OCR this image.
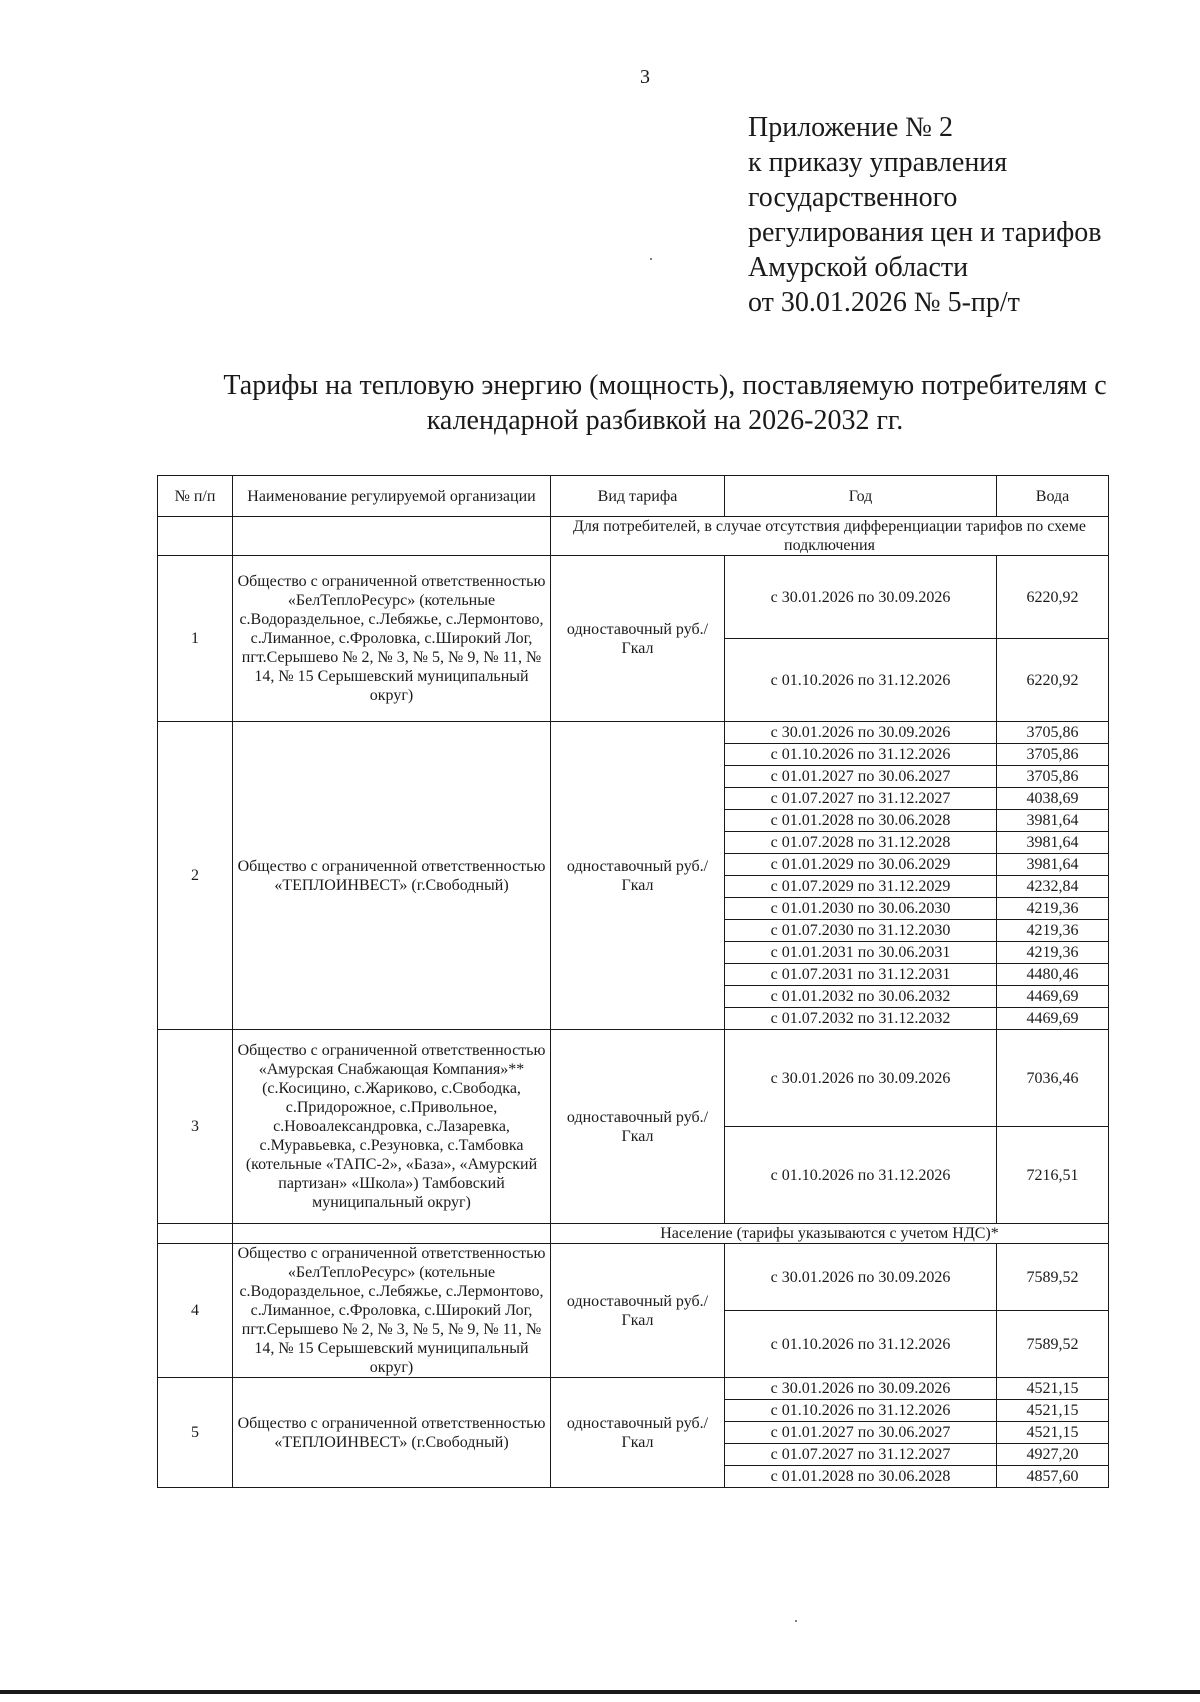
3
Приложение № 2
к приказу управления
государственного
регулирования цен и тарифов
Амурской области
от 30.01.2026 № 5-пр/т
Тарифы на тепловую энергию (мощность), поставляемую потребителям с
календарной разбивкой на 2026-2032 гг.
№ п/п	Наименование регулируемой организации	Вид тарифа	Год	Вода
		Для потребителей, в случае отсутствия дифференциации тарифов по схеме подключения		
1	Общество с ограниченной ответственностью «БелТеплоРесурс» (котельные с.Водораздельное, с.Лебяжье, с.Лермонтово, с.Лиманное, с.Фроловка, с.Широкий Лог, пгт.Серышево № 2, № 3, № 5, № 9, № 11, № 14, № 15 Серышевский муниципальный округ)	одноставочный руб./Гкал	с 30.01.2026 по 30.09.2026	6220,92
			с 01.10.2026 по 31.12.2026	6220,92
2	Общество с ограниченной ответственностью «ТЕПЛОИНВЕСТ» (г.Свободный)	одноставочный руб./Гкал	с 30.01.2026 по 30.09.2026	3705,86
			с 01.10.2026 по 31.12.2026	3705,86
			с 01.01.2027 по 30.06.2027	3705,86
			с 01.07.2027 по 31.12.2027	4038,69
			с 01.01.2028 по 30.06.2028	3981,64
			с 01.07.2028 по 31.12.2028	3981,64
			с 01.01.2029 по 30.06.2029	3981,64
			с 01.07.2029 по 31.12.2029	4232,84
			с 01.01.2030 по 30.06.2030	4219,36
			с 01.07.2030 по 31.12.2030	4219,36
			с 01.01.2031 по 30.06.2031	4219,36
			с 01.07.2031 по 31.12.2031	4480,46
			с 01.01.2032 по 30.06.2032	4469,69
			с 01.07.2032 по 31.12.2032	4469,69
3	Общество с ограниченной ответственностью «Амурская Снабжающая Компания»** (с.Косицино, с.Жариково, с.Свободка, с.Придорожное, с.Привольное, с.Новоалександровка, с.Лазаревка, с.Муравьевка, с.Резуновка, с.Тамбовка (котельные «ТАПС-2», «База», «Амурский партизан» «Школа») Тамбовский муниципальный округ)	одноставочный руб./Гкал	с 30.01.2026 по 30.09.2026	7036,46
			с 01.10.2026 по 31.12.2026	7216,51
		Население (тарифы указываются с учетом НДС)*		
4	Общество с ограниченной ответственностью «БелТеплоРесурс» (котельные с.Водораздельное, с.Лебяжье, с.Лермонтово, с.Лиманное, с.Фроловка, с.Широкий Лог, пгт.Серышево № 2, № 3, № 5, № 9, № 11, № 14, № 15 Серышевский муниципальный округ)	одноставочный руб./Гкал	с 30.01.2026 по 30.09.2026	7589,52
			с 01.10.2026 по 31.12.2026	7589,52
5	Общество с ограниченной ответственностью «ТЕПЛОИНВЕСТ» (г.Свободный)	одноставочный руб./Гкал	с 30.01.2026 по 30.09.2026	4521,15
			с 01.10.2026 по 31.12.2026	4521,15
			с 01.01.2027 по 30.06.2027	4521,15
			с 01.07.2027 по 31.12.2027	4927,20
			с 01.01.2028 по 30.06.2028	4857,60
